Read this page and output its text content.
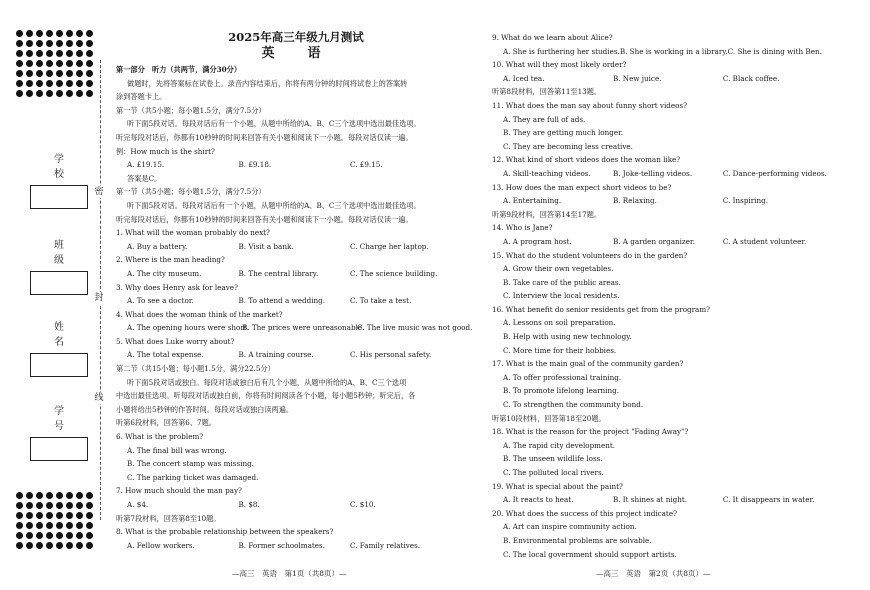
密
封
线
学 校
班 级
姓 名
学 号

2025年高三年级九月测试

英　语

第一部分　听力（共两节，满分30分）

做题时，先将答案标在试卷上。录音内容结束后，你将有两分钟的时间将试卷上的答案转

涂到答题卡上。

第一节（共5小题；每小题1.5分，满分7.5分）

听下面5段对话。每段对话后有一个小题，从题中所给的A、B、C三个选项中选出最佳选项。

听完每段对话后，你都有10秒钟的时间来回答有关小题和阅读下一小题。每段对话仅读一遍。

例：How much is the shirt?

A. £19.15.	B. £9.18.	C. £9.15.

答案是C。

第一节（共5小题；每小题1.5分，满分7.5分）

听下面5段对话。每段对话后有一个小题，从题中所给的A、B、C三个选项中选出最佳选项。

听完每段对话后，你都有10秒钟的时间来回答有关小题和阅读下一小题。每段对话仅读一遍。

1. What will the woman probably do next?

A. Buy a battery.	B. Visit a bank.	C. Charge her laptop.

2. Where is the man heading?

A. The city museum.	B. The central library.	C. The science building.

3. Why does Henry ask for leave?

A. To see a doctor.	B. To attend a wedding.	C. To take a test.

4. What does the woman think of the market?

A. The opening hours were short.
B. The prices were unreasonable.
C. The live music was not good.

5. What does Luke worry about?

A. The total expense.	B. A training course.	C. His personal safety.

第二节（共15小题；每小题1.5分，满分22.5分）

听下面5段对话或独白。每段对话或独白后有几个小题，从题中所给的A、B、C三个选项

中选出最佳选项。听每段对话或独白前，你将有时间阅读各个小题，每小题5秒钟；听完后，各

小题将给出5秒钟的作答时间。每段对话或独白读两遍。

听第6段材料，回答第6、7题。

6. What is the problem?

A. The final bill was wrong.

B. The concert stamp was missing.

C. The parking ticket was damaged.

7. How much should the man pay?

A. $4.	B. $8.	C. $10.

听第7段材料，回答第8至10题。

8. What is the probable relationship between the speakers?

A. Fellow workers.	B. Former schoolmates.	C. Family relatives.

9. What do we learn about Alice?

A. She is furthering her studies. B. She is working in a library. C. She is dining with Ben.

10. What will they most likely order?

A. Iced tea.	B. New juice.	C. Black coffee.

听第8段材料，回答第11至13题。

11. What does the man say about funny short videos?

A. They are full of ads.

B. They are getting much longer.

C. They are becoming less creative.

12. What kind of short videos does the woman like?

A. Skill-teaching videos.	B. Joke-telling videos.	C. Dance-performing videos.

13. How does the man expect short videos to be?

A. Entertaining.	B. Relaxing.	C. Inspiring.

听第9段材料，回答第14至17题。

14. Who is Jane?

A. A program host.	B. A garden organizer.	C. A student volunteer.

15. What do the student volunteers do in the garden?

A. Grow their own vegetables.

B. Take care of the public areas.

C. Interview the local residents.

16. What benefit do senior residents get from the program?

A. Lessons on soil preparation.

B. Help with using new technology.

C. More time for their hobbies.

17. What is the main goal of the community garden?

A. To offer professional training.

B. To promote lifelong learning.

C. To strengthen the community bond.

听第10段材料，回答第18至20题。

18. What is the reason for the project "Fading Away"?

A. The rapid city development.

B. The unseen wildlife loss.

C. The polluted local rivers.

19. What is special about the paint?

A. It reacts to heat.	B. It shines at night.	C. It disappears in water.

20. What does the success of this project indicate?

A. Art can inspire community action.

B. Environmental problems are solvable.

C. The local government should support artists.

—高三　英语　第1页（共8页）—	—高三　英语　第2页（共8页）—
